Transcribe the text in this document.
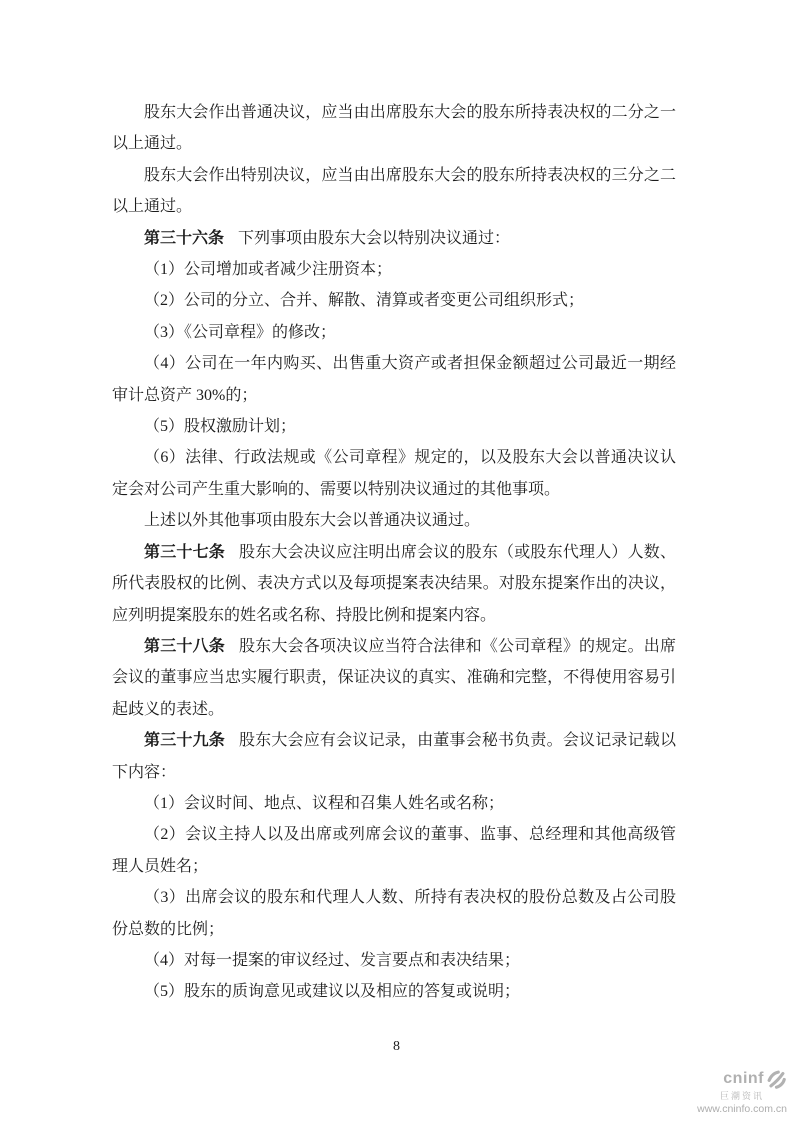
股东大会作出普通决议，应当由出席股东大会的股东所持表决权的二分之一以上通过。

股东大会作出特别决议，应当由出席股东大会的股东所持表决权的三分之二以上通过。

第三十六条 下列事项由股东大会以特别决议通过：

（1）公司增加或者减少注册资本；

（2）公司的分立、合并、解散、清算或者变更公司组织形式；

（3）《公司章程》的修改；

（4）公司在一年内购买、出售重大资产或者担保金额超过公司最近一期经审计总资产 30%的；

（5）股权激励计划；

（6）法律、行政法规或《公司章程》规定的，以及股东大会以普通决议认定会对公司产生重大影响的、需要以特别决议通过的其他事项。

上述以外其他事项由股东大会以普通决议通过。

第三十七条 股东大会决议应注明出席会议的股东（或股东代理人）人数、所代表股权的比例、表决方式以及每项提案表决结果。对股东提案作出的决议，应列明提案股东的姓名或名称、持股比例和提案内容。

第三十八条 股东大会各项决议应当符合法律和《公司章程》的规定。出席会议的董事应当忠实履行职责，保证决议的真实、准确和完整，不得使用容易引起歧义的表述。

第三十九条 股东大会应有会议记录，由董事会秘书负责。会议记录记载以下内容：

（1）会议时间、地点、议程和召集人姓名或名称；

（2）会议主持人以及出席或列席会议的董事、监事、总经理和其他高级管理人员姓名；

（3）出席会议的股东和代理人人数、所持有表决权的股份总数及占公司股份总数的比例；

（4）对每一提案的审议经过、发言要点和表决结果；

（5）股东的质询意见或建议以及相应的答复或说明；

8
cninf
巨潮资讯
www.cninfo.com.cn
